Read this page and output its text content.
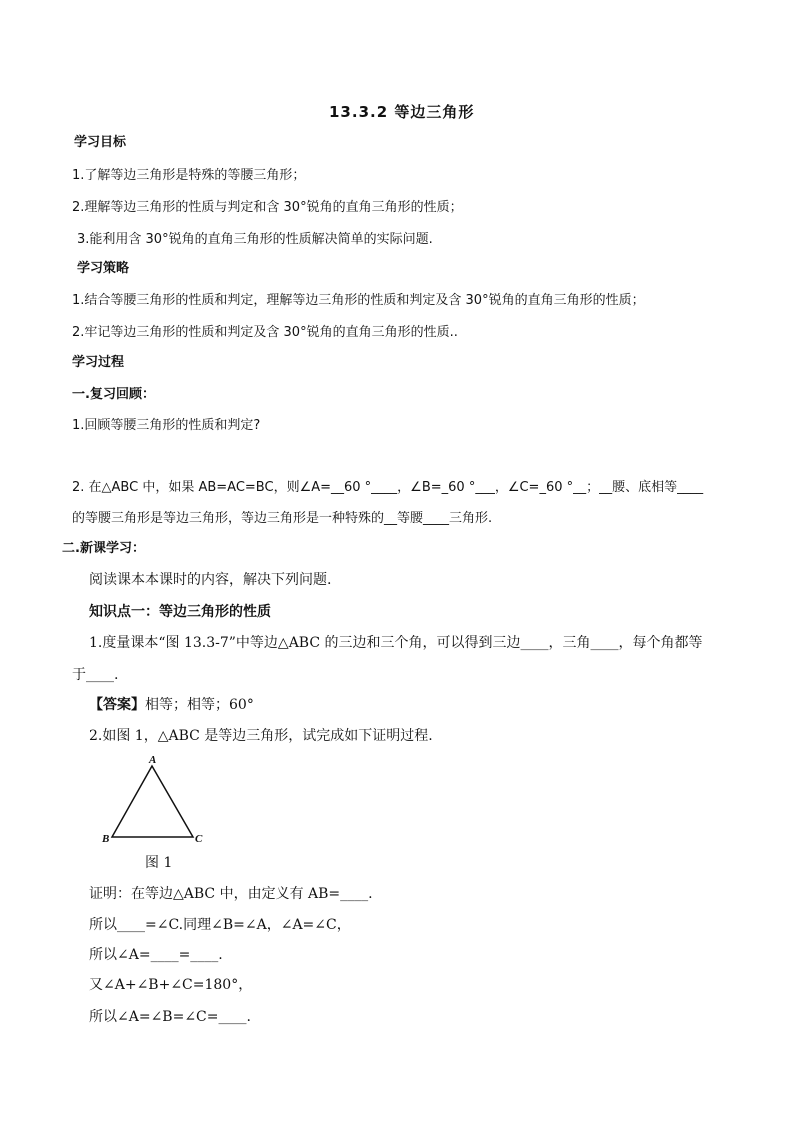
13.3.2 等边三角形
学习目标
1.了解等边三角形是特殊的等腰三角形；
2.理解等边三角形的性质与判定和含 30°锐角的直角三角形的性质；
3.能利用含 30°锐角的直角三角形的性质解决简单的实际问题.
学习策略
1.结合等腰三角形的性质和判定，理解等边三角形的性质和判定及含 30°锐角的直角三角形的性质；
2.牢记等边三角形的性质和判定及含 30°锐角的直角三角形的性质..
学习过程
一.复习回顾：
1.回顾等腰三角形的性质和判定?
2. 在△ABC 中，如果 AB=AC=BC，则∠A=__60 °____，∠B=_60 °___，∠C=_60 °__；__腰、底相等____
的等腰三角形是等边三角形，等边三角形是一种特殊的__等腰____三角形.
二.新课学习：
阅读课本本课时的内容，解决下列问题.
知识点一：等边三角形的性质
1.度量课本“图 13.3-7”中等边△ABC 的三边和三个角，可以得到三边____，三角____，每个角都等
于____.
【答案】相等；相等；60°
2.如图 1，△ABC 是等边三角形，试完成如下证明过程.
A
B	C
图 1
证明：在等边△ABC 中，由定义有 AB=____.
所以____=∠C.同理∠B=∠A，∠A=∠C，
所以∠A=____=____.
又∠A+∠B+∠C=180°，
所以∠A=∠B=∠C=____.
